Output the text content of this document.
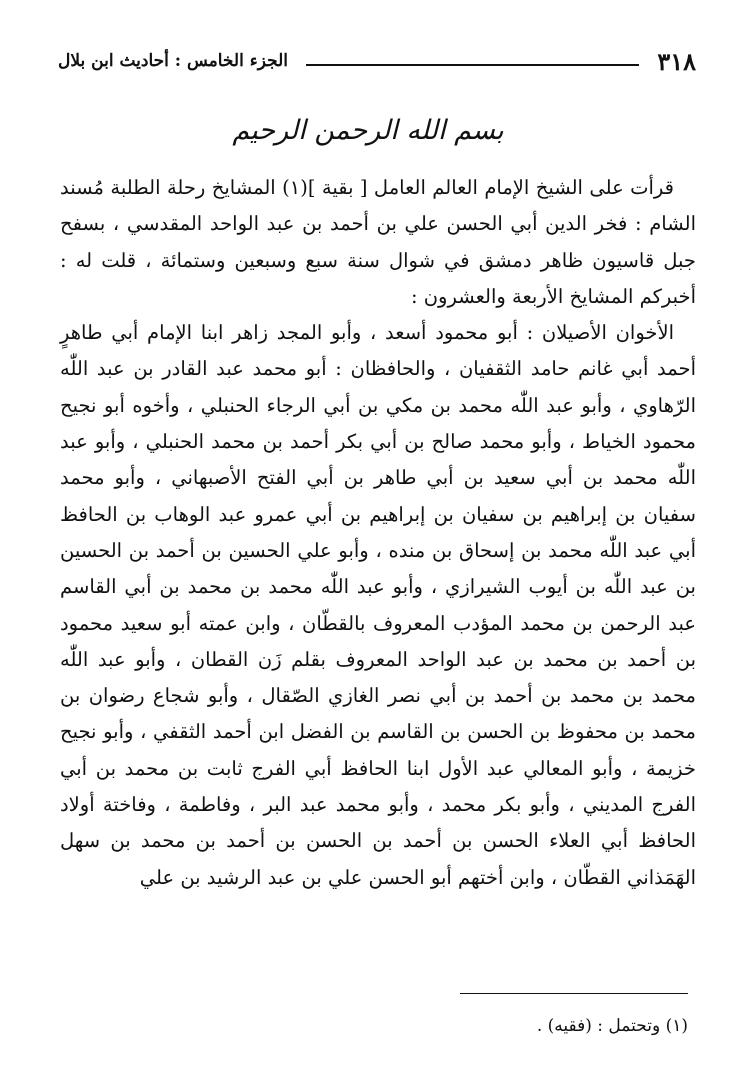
٣١٨
الجزء الخامس : أحاديث ابن بلال
بسم الله الرحمن الرحيم

قرأت على الشيخ الإمام العالم العامل [ بقية ](١) المشايخ رحلة الطلبة مُسند الشام : فخر الدين أبي الحسن علي بن أحمد بن عبد الواحد المقدسي ، بسفح جبل قاسيون ظاهر دمشق في شوال سنة سبع وسبعين وستمائة ، قلت له : أخبركم المشايخ الأربعة والعشرون :

الأخوان الأصيلان : أبو محمود أسعد ، وأبو المجد زاهر ابنا الإمام أبي طاهرٍ أحمد أبي غانم حامد الثقفيان ، والحافظان : أبو محمد عبد القادر بن عبد اللّٰه الرّهاوي ، وأبو عبد اللّٰه محمد بن مكي بن أبي الرجاء الحنبلي ، وأخوه أبو نجيح محمود الخياط ، وأبو محمد صالح بن أبي بكر أحمد بن محمد الحنبلي ، وأبو عبد اللّٰه محمد بن أبي سعيد بن أبي طاهر بن أبي الفتح الأصبهاني ، وأبو محمد سفيان بن إبراهيم بن سفيان بن إبراهيم بن أبي عمرو عبد الوهاب بن الحافظ أبي عبد اللّٰه محمد بن إسحاق بن منده ، وأبو علي الحسين بن أحمد بن الحسين بن عبد اللّٰه بن أيوب الشيرازي ، وأبو عبد اللّٰه محمد بن محمد بن أبي القاسم عبد الرحمن بن محمد المؤدب المعروف بالقطّان ، وابن عمته أبو سعيد محمود بن أحمد بن محمد بن عبد الواحد المعروف بقلم زَن القطان ، وأبو عبد اللّٰه محمد بن محمد بن أحمد بن أبي نصر الغازي الصّقال ، وأبو شجاع رضوان بن محمد بن محفوظ بن الحسن بن القاسم بن الفضل ابن أحمد الثقفي ، وأبو نجيح خزيمة ، وأبو المعالي عبد الأول ابنا الحافظ أبي الفرج ثابت بن محمد بن أبي الفرج المديني ، وأبو بكر محمد ، وأبو محمد عبد البر ، وفاطمة ، وفاختة أولاد الحافظ أبي العلاء الحسن بن أحمد بن الحسن بن أحمد بن محمد بن سهل الهَمَذاني القطّان ، وابن أختهم أبو الحسن علي بن عبد الرشيد بن علي

(١) وتحتمل : (فقيه) .
